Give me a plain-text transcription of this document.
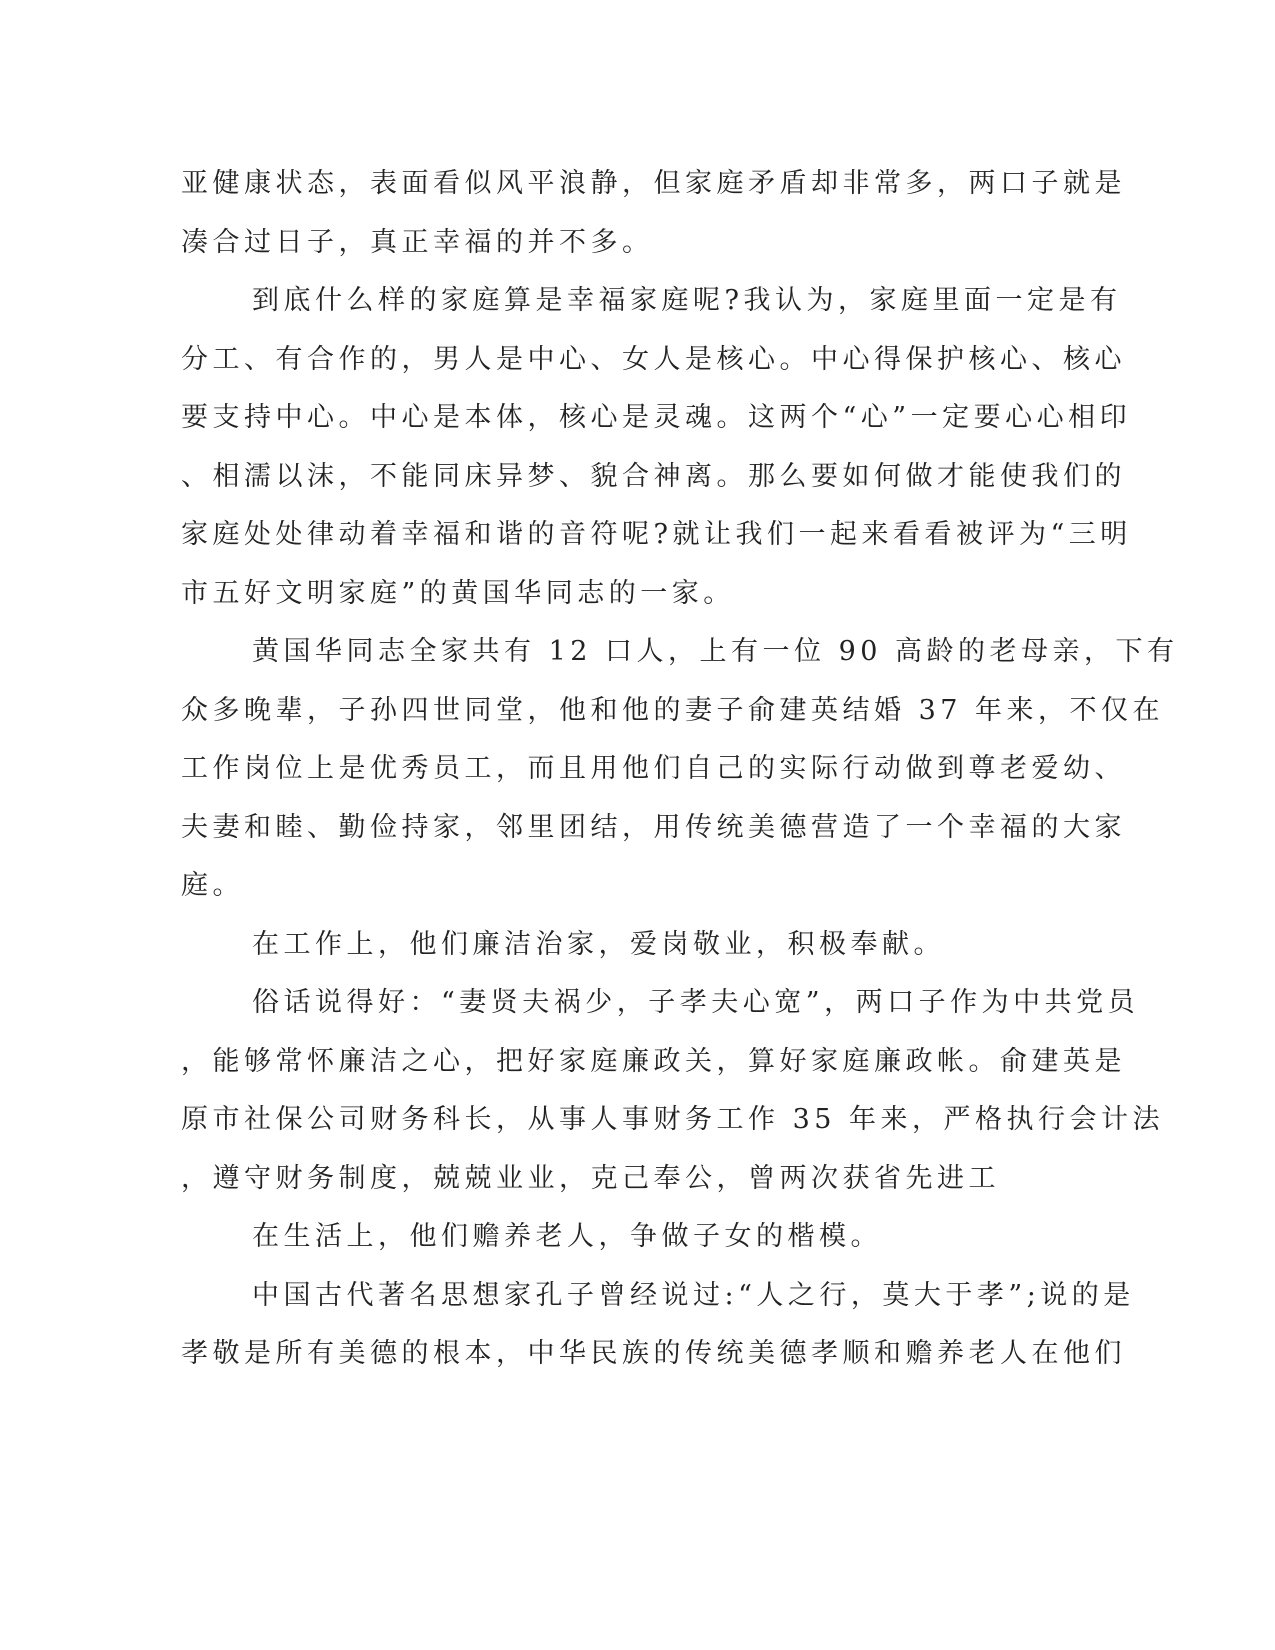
亚健康状态，表面看似风平浪静，但家庭矛盾却非常多，两口子就是
凑合过日子，真正幸福的并不多。
到底什么样的家庭算是幸福家庭呢?我认为，家庭里面一定是有
分工、有合作的，男人是中心、女人是核心。中心得保护核心、核心
要支持中心。中心是本体，核心是灵魂。这两个“心”一定要心心相印
、相濡以沫，不能同床异梦、貌合神离。那么要如何做才能使我们的
家庭处处律动着幸福和谐的音符呢?就让我们一起来看看被评为“三明
市五好文明家庭”的黄国华同志的一家。
黄国华同志全家共有 12 口人，上有一位 90 高龄的老母亲，下有
众多晚辈，子孙四世同堂，他和他的妻子俞建英结婚 37 年来，不仅在
工作岗位上是优秀员工，而且用他们自己的实际行动做到尊老爱幼、
夫妻和睦、勤俭持家，邻里团结，用传统美德营造了一个幸福的大家
庭。
在工作上，他们廉洁治家，爱岗敬业，积极奉献。
俗话说得好：“妻贤夫祸少，子孝夫心宽”，两口子作为中共党员
，能够常怀廉洁之心，把好家庭廉政关，算好家庭廉政帐。俞建英是
原市社保公司财务科长，从事人事财务工作 35 年来，严格执行会计法
，遵守财务制度，兢兢业业，克己奉公，曾两次获省先进工
在生活上，他们赡养老人，争做子女的楷模。
中国古代著名思想家孔子曾经说过:“人之行，莫大于孝”;说的是
孝敬是所有美德的根本，中华民族的传统美德孝顺和赡养老人在他们
